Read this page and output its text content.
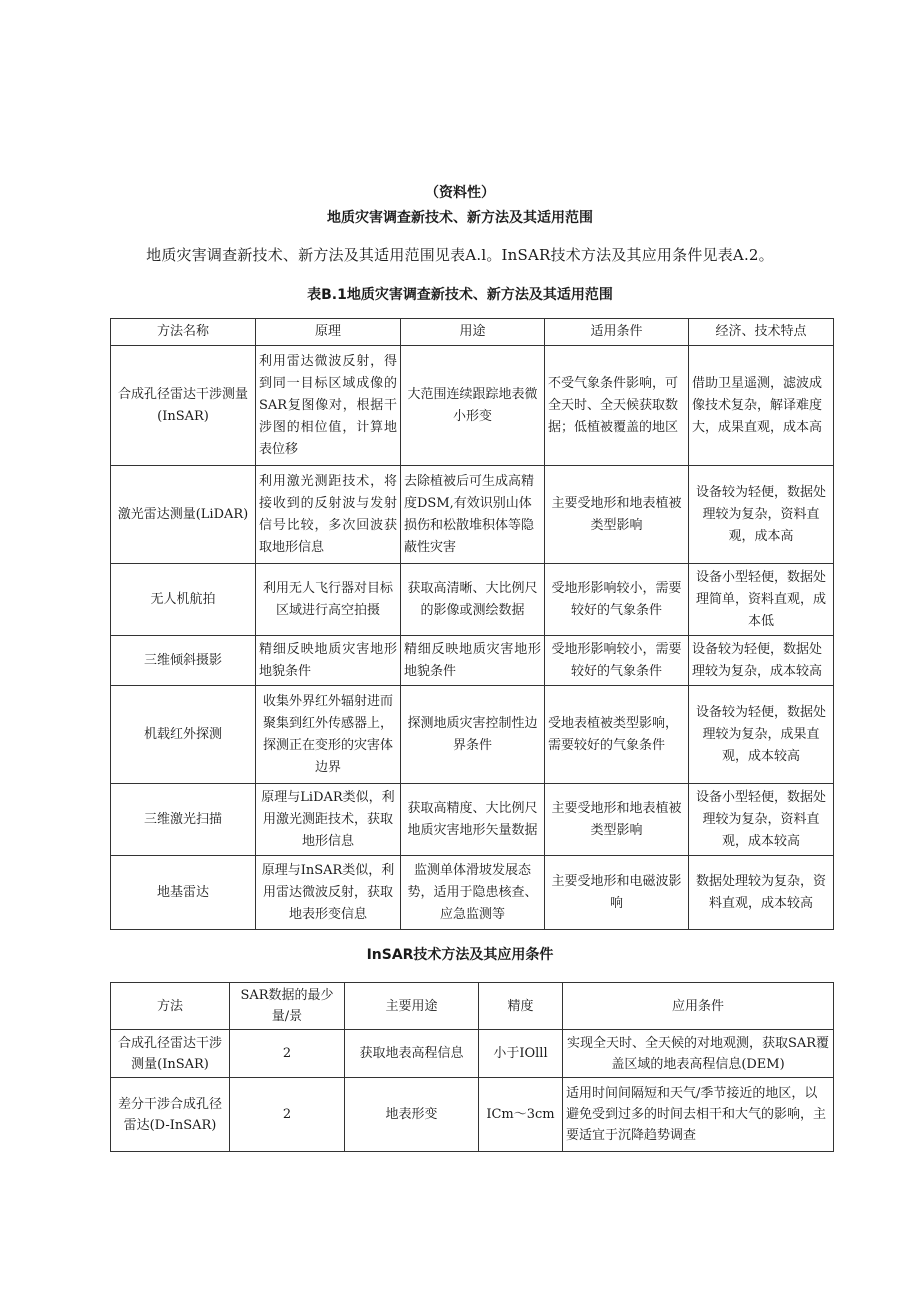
（资料性）
地质灾害调查新技术、新方法及其适用范围
地质灾害调查新技术、新方法及其适用范围见表A.l。InSAR技术方法及其应用条件见表A.2。
表B.1地质灾害调查新技术、新方法及其适用范围
方法名称	原理	用途	适用条件	经济、技术特点
合成孔径雷达干涉测量(InSAR)	利用雷达微波反射，得到同一目标区域成像的SAR复图像对，根据干涉图的相位值，计算地表位移	大范围连续跟踪地表微小形变	不受气象条件影响，可全天时、全天候获取数据；低植被覆盖的地区	借助卫星遥测，滤波成像技术复杂，解译难度大，成果直观，成本高
激光雷达测量(LiDAR)	利用激光测距技术，将接收到的反射波与发射信号比较，多次回波获取地形信息	去除植被后可生成高精度DSM,有效识别山体损伤和松散堆积体等隐蔽性灾害	主要受地形和地表植被类型影响	设备较为轻便，数据处理较为复杂，资料直观，成本高
无人机航拍	利用无人飞行器对目标区域进行高空拍摄	获取高清晰、大比例尺的影像或测绘数据	受地形影响较小，需要较好的气象条件	设备小型轻便，数据处理简单，资料直观，成本低
三维倾斜摄影	精细反映地质灾害地形地貌条件	精细反映地质灾害地形地貌条件	受地形影响较小，需要较好的气象条件	设备较为轻便，数据处理较为复杂，成本较高
机载红外探测	收集外界红外辐射进而聚集到红外传感器上，探测正在变形的灾害体边界	探测地质灾害控制性边界条件	受地表植被类型影响，需要较好的气象条件	设备较为轻便，数据处理较为复杂，成果直观，成本较高
三维激光扫描	原理与LiDAR类似，利用激光测距技术，获取地形信息	获取高精度、大比例尺地质灾害地形矢量数据	主要受地形和地表植被类型影响	设备小型轻便，数据处理较为复杂，资料直观，成本较高
地基雷达	原理与InSAR类似，利用雷达微波反射，获取地表形变信息	监测单体滑坡发展态势，适用于隐患核查、应急监测等	主要受地形和电磁波影响	数据处理较为复杂，资料直观，成本较高
InSAR技术方法及其应用条件
方法	SAR数据的最少量/景	主要用途	精度	应用条件
合成孔径雷达干涉测量(InSAR)	2	获取地表高程信息	小于IOlll	实现全天时、全天候的对地观测，获取SAR覆 盖区域的地表高程信息(DEM)
差分干涉合成孔径雷达(D-InSAR)	2	地表形变	ICm〜3cm	适用时间间隔短和天气/季节接近的地区，以避免受到过多的时间去相干和大气的影响，主要适宜于沉降趋势调查
